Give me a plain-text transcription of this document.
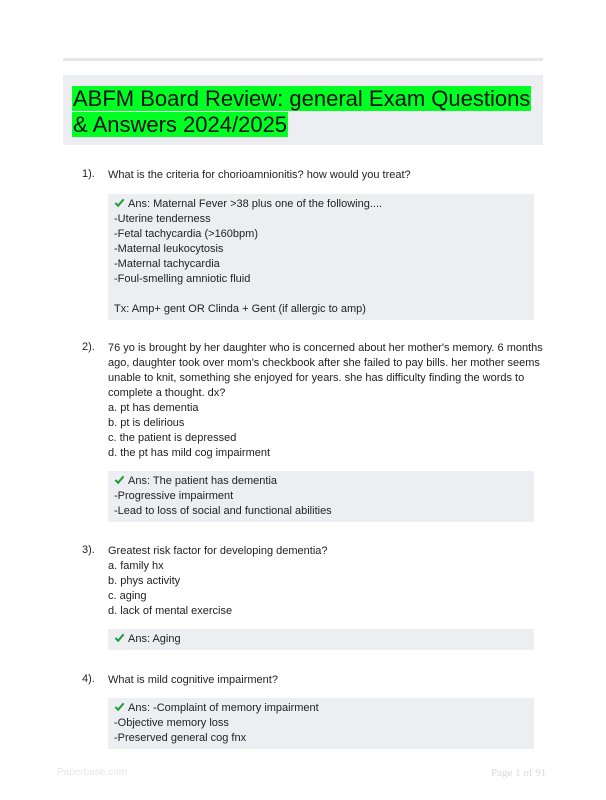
ABFM Board Review: general Exam Questions & Answers 2024/2025
1). What is the criteria for chorioamnionitis? how would you treat?
Ans: Maternal Fever >38 plus one of the following....
-Uterine tenderness
-Fetal tachycardia (>160bpm)
-Maternal leukocytosis
-Maternal tachycardia
-Foul-smelling amniotic fluid
Tx: Amp+ gent OR Clinda + Gent (if allergic to amp)
2). 76 yo is brought by her daughter who is concerned about her mother's memory. 6 months
ago, daughter took over mom's checkbook after she failed to pay bills. her mother seems
unable to knit, something she enjoyed for years. she has difficulty finding the words to
complete a thought. dx?
a. pt has dementia
b. pt is delirious
c. the patient is depressed
d. the pt has mild cog impairment
Ans: The patient has dementia
-Progressive impairment
-Lead to loss of social and functional abilities
3). Greatest risk factor for developing dementia?
a. family hx
b. phys activity
c. aging
d. lack of mental exercise
Ans: Aging
4). What is mild cognitive impairment?
Ans: -Complaint of memory impairment
-Objective memory loss
-Preserved general cog fnx
Paperbase.com	Page 1 of 91
